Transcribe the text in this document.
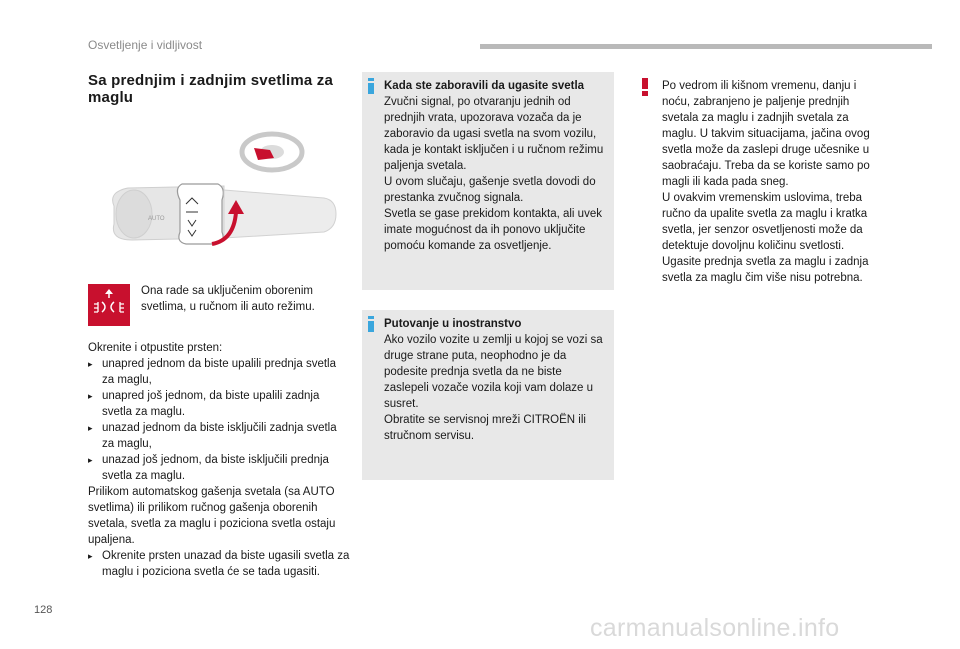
Osvetljenje i vidljivost
Sa prednjim i zadnjim svetlima za maglu
AUTO

Ona rade sa uključenim oborenim svetlima, u ručnom ili auto režimu.

Okrenite i otpustite prsten:

▸ unapred jednom da biste upalili prednja svetla za maglu,

▸ unapred još jednom, da biste upalili zadnja svetla za maglu.

▸ unazad jednom da biste isključili zadnja svetla za maglu,

▸ unazad još jednom, da biste isključili prednja svetla za maglu.

Prilikom automatskog gašenja svetala (sa AUTO svetlima) ili prilikom ručnog gašenja oborenih svetala, svetla za maglu i poziciona svetla ostaju upaljena.

▸ Okrenite prsten unazad da biste ugasili svetla za maglu i poziciona svetla će se tada ugasiti.

Kada ste zaboravili da ugasite svetla

Zvučni signal, po otvaranju jednih od prednjih vrata, upozorava vozača da je zaboravio da ugasi svetla na svom vozilu, kada je kontakt isključen i u ručnom režimu paljenja svetala.

U ovom slučaju, gašenje svetla dovodi do prestanka zvučnog signala.

Svetla se gase prekidom kontakta, ali uvek imate mogućnost da ih ponovo uključite pomoću komande za osvetljenje.

Putovanje u inostranstvo

Ako vozilo vozite u zemlji u kojoj se vozi sa druge strane puta, neophodno je da podesite prednja svetla da ne biste zaslepeli vozače vozila koji vam dolaze u susret.

Obratite se servisnoj mreži CITROËN ili stručnom servisu.

Po vedrom ili kišnom vremenu, danju i noću, zabranjeno je paljenje prednjih svetala za maglu i zadnjih svetala za maglu. U takvim situacijama, jačina ovog svetla može da zaslepi druge učesnike u saobraćaju. Treba da se koriste samo po magli ili kada pada sneg.

U ovakvim vremenskim uslovima, treba ručno da upalite svetla za maglu i kratka svetla, jer senzor osvetljenosti može da detektuje dovoljnu količinu svetlosti.

Ugasite prednja svetla za maglu i zadnja svetla za maglu čim više nisu potrebna.

128
carmanualsonline.info
